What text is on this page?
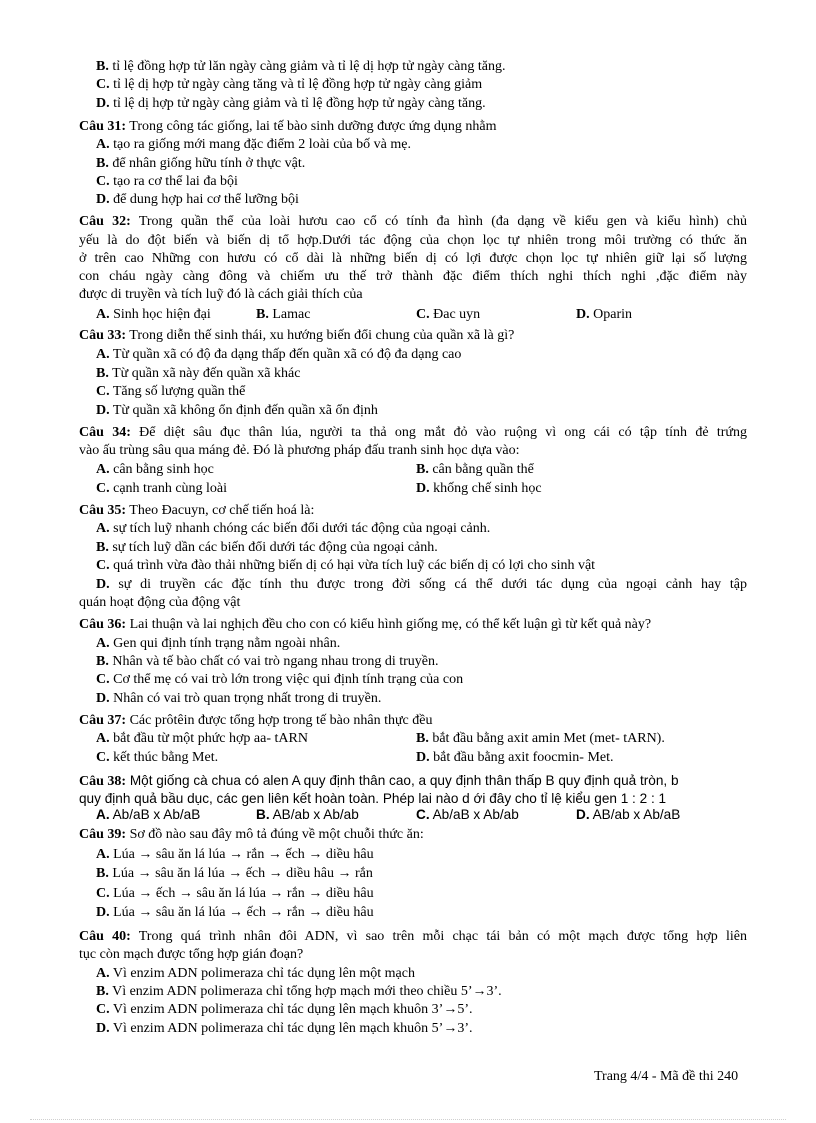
B. tỉ lệ đồng hợp tử lăn ngày càng giảm và tỉ lệ dị hợp tử ngày càng tăng.
C. tỉ lệ dị hợp tử ngày càng tăng và tỉ lệ đồng hợp tử ngày càng giảm
D. tỉ lệ dị hợp tử ngày càng giảm và tỉ lệ đồng hợp tử ngày càng tăng.
Câu 31: Trong công tác giống, lai tế bào sinh dưỡng được ứng dụng nhằm
A. tạo ra giống mới mang đặc điểm 2 loài của bố và mẹ.
B. để nhân giống hữu tính ở thực vật.
C. tạo ra cơ thể lai đa bội
D. để dung hợp hai cơ thể lưỡng bội
Câu 32: Trong quần thể của loài hươu cao cổ có tính đa hình (đa dạng về kiểu gen và kiểu hình) chủ
yếu là do đột biến và biến dị tổ hợp.Dưới tác động của chọn lọc tự nhiên trong môi trường có thức ăn
ở trên cao Những con hươu có cổ dài là những biến dị có lợi được chọn lọc tự nhiên giữ lại số lượng
con cháu ngày càng đông và chiếm ưu thế trở thành đặc điểm thích nghi thích nghi ,đặc điểm này
được di truyền và tích luỹ đó là cách giải thích của
A. Sinh học hiện đại	B. Lamac	C. Đac uyn	D. Oparin
Câu 33: Trong diễn thế sinh thái, xu hướng biến đổi chung của quần xã là gì?
A. Từ quần xã có độ đa dạng thấp đến quần xã có độ đa dạng cao
B. Từ quần xã này đến quần xã khác
C. Tăng số lượng quần thể
D. Từ quần xã không ổn định đến quần xã ổn định
Câu 34: Để diệt sâu đục thân lúa, người ta thả ong mắt đỏ vào ruộng vì ong cái có tập tính đẻ trứng
vào ấu trùng sâu qua máng đẻ. Đó là phương pháp đấu tranh sinh học dựa vào:
A. cân bằng sinh học	B. cân bằng quần thể
C. cạnh tranh cùng loài	D. khống chế sinh học
Câu 35: Theo Đacuyn, cơ chế tiến hoá là:
A. sự tích luỹ nhanh chóng các biến đổi dưới tác động của ngoại cảnh.
B. sự tích luỹ dần các biến đổi dưới tác động của ngoại cảnh.
C. quá trình vừa đào thải những biến dị có hại vừa tích luỹ các biến dị có lợi cho sinh vật
D. sự di truyền các đặc tính thu được trong đời sống cá thể dưới tác dụng của ngoại cảnh hay tập
quán hoạt động của động vật
Câu 36: Lai thuận và lai nghịch đều cho con có kiểu hình giống mẹ, có thể kết luận gì từ kết quả này?
A. Gen qui định tính trạng nằm ngoài nhân.
B. Nhân và tế bào chất có vai trò ngang nhau trong di truyền.
C. Cơ thể mẹ có vai trò lớn trong việc qui định tính trạng của con
D. Nhân có vai trò quan trọng nhất trong di truyền.
Câu 37: Các prôtêin được tổng hợp trong tế bào nhân thực đều
A. bắt đầu từ một phức hợp aa- tARN	B. bắt đầu bằng axit amin Met (met- tARN).
C. kết thúc bằng Met.	D. bắt đầu bằng axit foocmin- Met.
Câu 38: Một giống cà chua có alen A quy định thân cao, a quy định thân thấp B quy định quả tròn, b
quy định quả bầu dục, các gen liên kết hoàn toàn. Phép lai nào d ới đây cho tỉ lệ kiểu gen 1 : 2 : 1
A. Ab/aB x Ab/aB	B. AB/ab x Ab/ab	C. Ab/aB x Ab/ab	D. AB/ab x Ab/aB
Câu 39: Sơ đồ nào sau đây mô tả đúng về một chuỗi thức ăn:
A. Lúa → sâu ăn lá lúa → rắn → ếch → diều hâu
B. Lúa → sâu ăn lá lúa → ếch → diều hâu → rắn
C. Lúa → ếch → sâu ăn lá lúa → rắn → diều hâu
D. Lúa → sâu ăn lá lúa → ếch → rắn → diều hâu
Câu 40: Trong quá trình nhân đôi ADN, vì sao trên mỗi chạc tái bản có một mạch được tổng hợp liên
tục còn mạch được tổng hợp gián đoạn?
A. Vì enzim ADN polimeraza chỉ tác dụng lên một mạch
B. Vì enzim ADN polimeraza chỉ tổng hợp mạch mới theo chiều 5’→3’.
C. Vì enzim ADN polimeraza chỉ tác dụng lên mạch khuôn 3’→5’.
D. Vì enzim ADN polimeraza chỉ tác dụng lên mạch khuôn 5’→3’.
Trang 4/4 - Mã đề thi 240
